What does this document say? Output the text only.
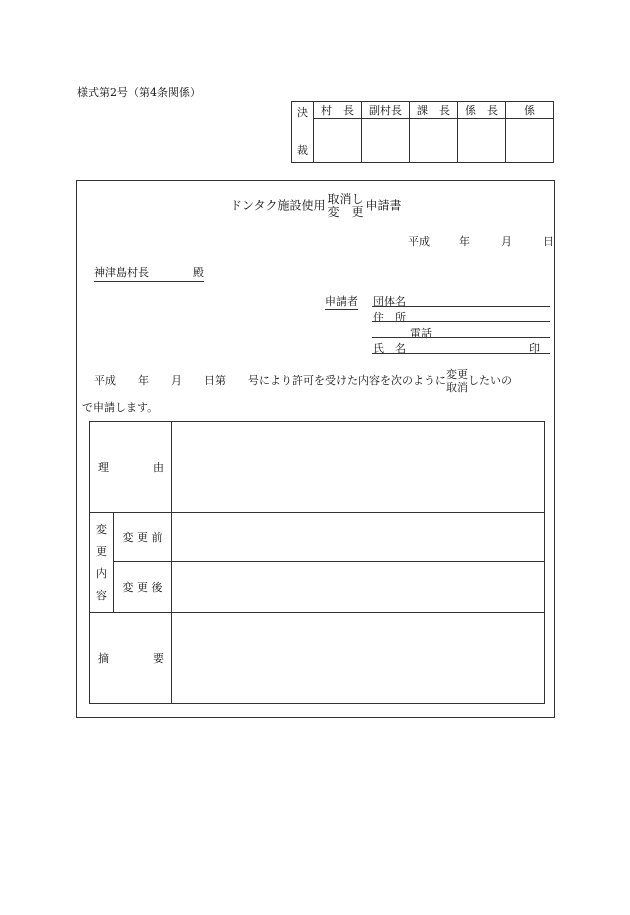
様式第2号（第4条関係）
決
裁	村　長	副村長	課　長	係　長	係

ドンタク施設使用 取消し
変　更 申請書
平成	年	月	日
神津島村長　　　　殿
申請者 団体名
住　所
電話
氏　名	印
平成　　年　　月　　日第　　号により許可を受けた内容を次のように 変更
取消
したいの
で申請します。
理　　　　由		

変
更
内
容	変 更 前	
	変 更 後	
摘　　　　要		
